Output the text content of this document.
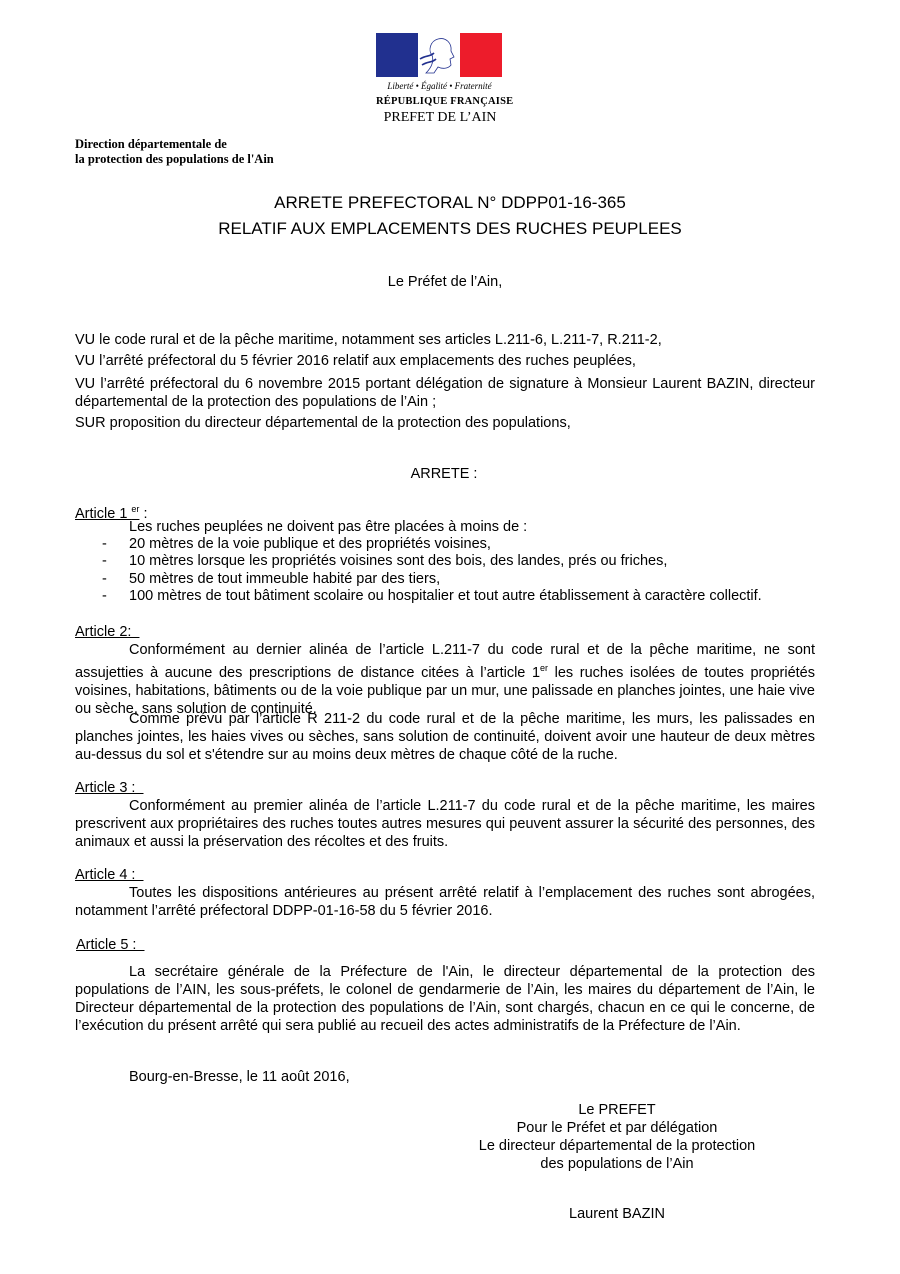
Liberté • Égalité • Fraternité
RÉPUBLIQUE FRANÇAISE
PREFET DE L’AIN
Direction départementale de
la protection des populations de l'Ain
ARRETE PREFECTORAL N° DDPP01-16-365
RELATIF AUX EMPLACEMENTS DES RUCHES PEUPLEES
Le Préfet de l’Ain,
VU le code rural et de la pêche maritime, notamment ses articles L.211-6, L.211-7, R.211-2,
VU l’arrêté préfectoral du 5 février 2016 relatif aux emplacements des ruches peuplées,
VU l’arrêté préfectoral du 6 novembre 2015 portant délégation de signature à Monsieur Laurent BAZIN, directeur départemental de la protection des populations de l’Ain ;
SUR proposition du directeur départemental de la protection des populations,
ARRETE :
Article 1 $^{er}$ :
Les ruches peuplées ne doivent pas être placées à moins de :
- 20 mètres de la voie publique et des propriétés voisines,
- 10 mètres lorsque les propriétés voisines sont des bois, des landes, prés ou friches,
- 50 mètres de tout immeuble habité par des tiers,
- 100 mètres de tout bâtiment scolaire ou hospitalier et tout autre établissement à caractère collectif.
Article 2:
Conformément au dernier alinéa de l’article L.211-7 du code rural et de la pêche maritime, ne sont assujetties à aucune des prescriptions de distance citées à l’article 1er les ruches isolées de toutes propriétés voisines, habitations, bâtiments ou de la voie publique par un mur, une palissade en planches jointes, une haie vive ou sèche, sans solution de continuité.
Comme prévu par l’article R 211-2 du code rural et de la pêche maritime, les murs, les palissades en planches jointes, les haies vives ou sèches, sans solution de continuité, doivent avoir une hauteur de deux mètres au-dessus du sol et s'étendre sur au moins deux mètres de chaque côté de la ruche.
Article 3 :
Conformément au premier alinéa de l’article L.211-7 du code rural et de la pêche maritime, les maires prescrivent aux propriétaires des ruches toutes autres mesures qui peuvent assurer la sécurité des personnes, des animaux et aussi la préservation des récoltes et des fruits.
Article 4 :
Toutes les dispositions antérieures au présent arrêté relatif à l’emplacement des ruches sont abrogées, notamment l’arrêté préfectoral DDPP-01-16-58 du 5 février 2016.
Article 5 :
La secrétaire générale de la Préfecture de l'Ain, le directeur départemental de la protection des populations de l’AIN, les sous-préfets, le colonel de gendarmerie de l’Ain, les maires du département de l’Ain, le Directeur départemental de la protection des populations de l’Ain, sont chargés, chacun en ce qui le concerne, de l’exécution du présent arrêté qui sera publié au recueil des actes administratifs de la Préfecture de l’Ain.
Bourg-en-Bresse, le 11 août 2016,
Le PREFET
Pour le Préfet et par délégation
Le directeur départemental de la protection
des populations de l’Ain
Laurent BAZIN
